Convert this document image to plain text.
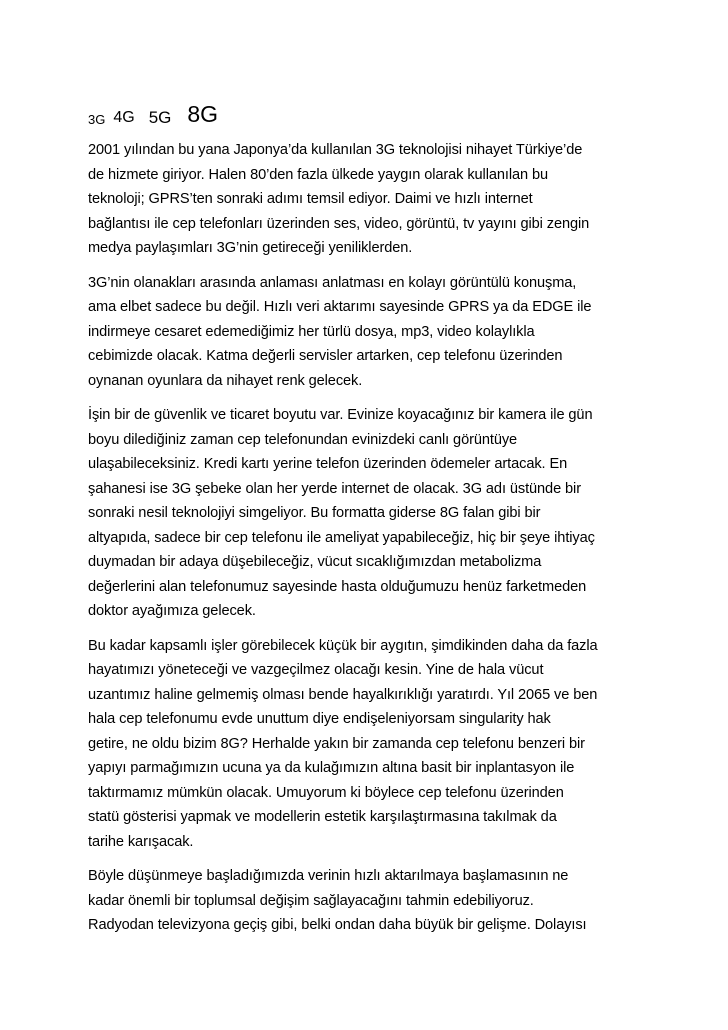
3G 4G 5G 8G
2001 yılından bu yana Japonya’da kullanılan 3G teknolojisi nihayet Türkiye’de
de hizmete giriyor. Halen 80’den fazla ülkede yaygın olarak kullanılan bu
teknoloji; GPRS’ten sonraki adımı temsil ediyor. Daimi ve hızlı internet
bağlantısı ile cep telefonları üzerinden ses, video, görüntü, tv yayını gibi zengin
medya paylaşımları 3G’nin getireceği yeniliklerden.
3G’nin olanakları arasında anlaması anlatması en kolayı görüntülü konuşma,
ama elbet sadece bu değil. Hızlı veri aktarımı sayesinde GPRS ya da EDGE ile
indirmeye cesaret edemediğimiz her türlü dosya, mp3, video kolaylıkla
cebimizde olacak. Katma değerli servisler artarken, cep telefonu üzerinden
oynanan oyunlara da nihayet renk gelecek.
İşin bir de güvenlik ve ticaret boyutu var. Evinize koyacağınız bir kamera ile gün
boyu dilediğiniz zaman cep telefonundan evinizdeki canlı görüntüye
ulaşabileceksiniz. Kredi kartı yerine telefon üzerinden ödemeler artacak. En
şahanesi ise 3G şebeke olan her yerde internet de olacak. 3G adı üstünde bir
sonraki nesil teknolojiyi simgeliyor. Bu formatta giderse 8G falan gibi bir
altyapıda, sadece bir cep telefonu ile ameliyat yapabileceğiz, hiç bir şeye ihtiyaç
duymadan bir adaya düşebileceğiz, vücut sıcaklığımızdan metabolizma
değerlerini alan telefonumuz sayesinde hasta olduğumuzu henüz farketmeden
doktor ayağımıza gelecek.
Bu kadar kapsamlı işler görebilecek küçük bir aygıtın, şimdikinden daha da fazla
hayatımızı yöneteceği ve vazgeçilmez olacağı kesin. Yine de hala vücut
uzantımız haline gelmemiş olması bende hayalkırıklığı yaratırdı. Yıl 2065 ve ben
hala cep telefonumu evde unuttum diye endişeleniyorsam singularity hak
getire, ne oldu bizim 8G? Herhalde yakın bir zamanda cep telefonu benzeri bir
yapıyı parmağımızın ucuna ya da kulağımızın altına basit bir inplantasyon ile
taktırmamız mümkün olacak. Umuyorum ki böylece cep telefonu üzerinden
statü gösterisi yapmak ve modellerin estetik karşılaştırmasına takılmak da
tarihe karışacak.
Böyle düşünmeye başladığımızda verinin hızlı aktarılmaya başlamasının ne
kadar önemli bir toplumsal değişim sağlayacağını tahmin edebiliyoruz.
Radyodan televizyona geçiş gibi, belki ondan daha büyük bir gelişme. Dolayısı
